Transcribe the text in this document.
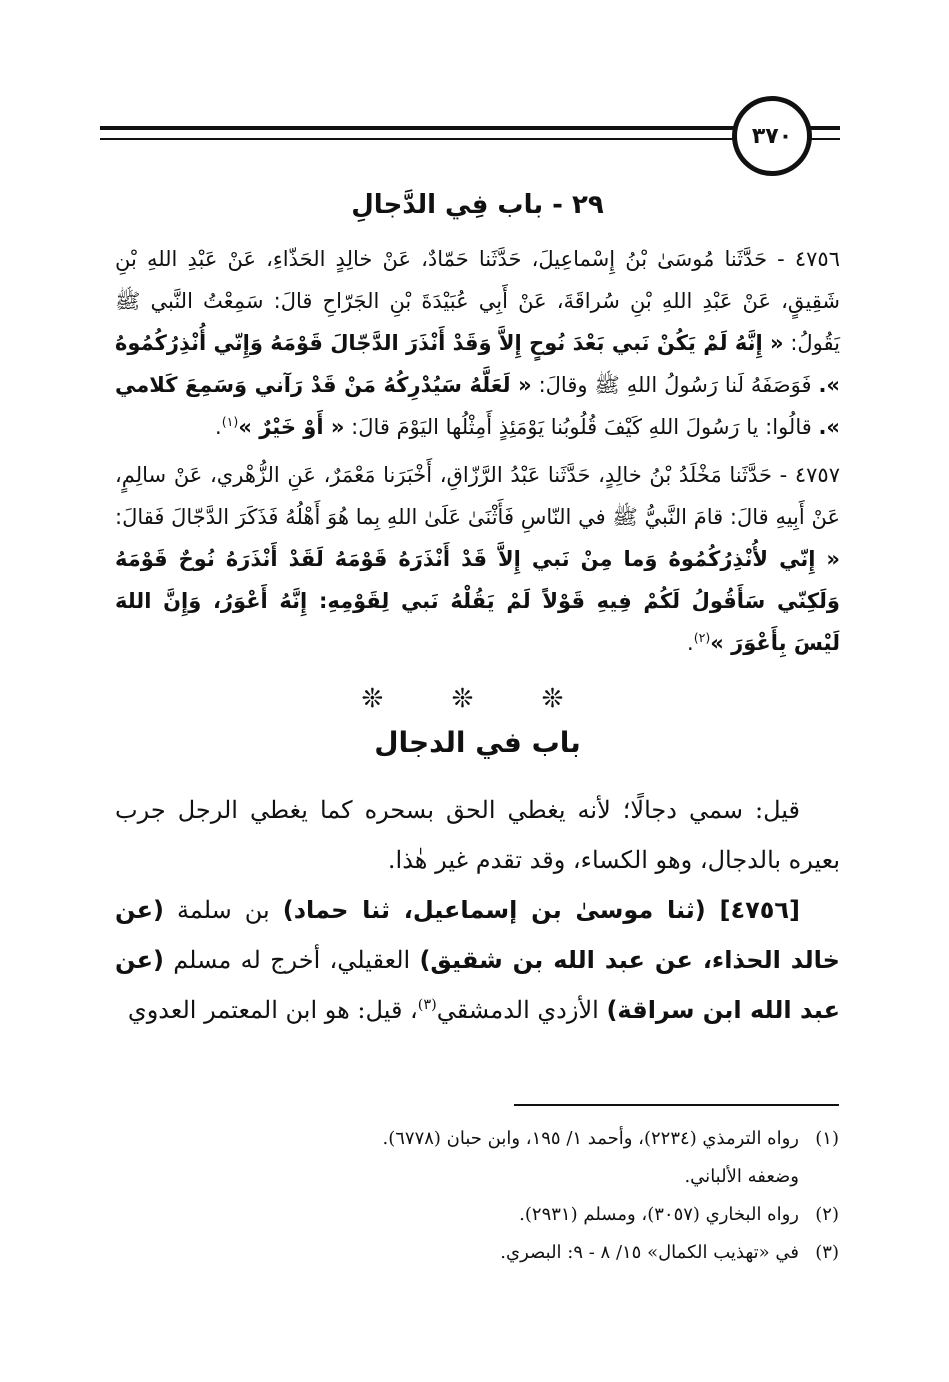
٣٧٠
٢٩ - باب فِي الدَّجالِ

٤٧٥٦ - حَدَّثَنا مُوسَىٰ بْنُ إِسْماعِيلَ، حَدَّثَنا حَمّادٌ، عَنْ خالِدٍ الحَذّاءِ، عَنْ عَبْدِ اللهِ بْنِ شَقِيقٍ، عَنْ عَبْدِ اللهِ بْنِ سُراقَةَ، عَنْ أَبِي عُبَيْدَةَ بْنِ الجَرّاحِ قالَ: سَمِعْتُ النَّبي ﷺ يَقُولُ: « إِنَّهُ لَمْ يَكُنْ نَبي بَعْدَ نُوحٍ إِلاَّ وَقَدْ أَنْذَرَ الدَّجّالَ قَوْمَهُ وَإِنّي أُنْذِرُكُمُوهُ ». فَوَصَفَهُ لَنا رَسُولُ اللهِ ﷺ وقالَ: « لَعَلَّهُ سَيُدْرِكُهُ مَنْ قَدْ رَآني وَسَمِعَ كَلامي ». قالُوا: يا رَسُولَ اللهِ كَيْفَ قُلُوبُنا يَوْمَئِذٍ أَمِثْلُها اليَوْمَ قالَ: « أَوْ خَيْرٌ »$^{(١)}$.

٤٧٥٧ - حَدَّثَنا مَخْلَدُ بْنُ خالِدٍ، حَدَّثَنا عَبْدُ الرَّزّاقِ، أَخْبَرَنا مَعْمَرٌ، عَنِ الزُّهْري، عَنْ سالِمٍ، عَنْ أَبِيهِ قالَ: قامَ النَّبيُّ ﷺ في النّاسِ فَأَثْنَىٰ عَلَىٰ اللهِ بِما هُوَ أَهْلُهُ فَذَكَرَ الدَّجّالَ فَقالَ: « إِنّي لأُنْذِرُكُمُوهُ وَما مِنْ نَبي إِلاَّ قَدْ أَنْذَرَهُ قَوْمَهُ لَقَدْ أَنْذَرَهُ نُوحٌ قَوْمَهُ وَلَكِنّي سَأَقُولُ لَكُمْ فِيهِ قَوْلاً لَمْ يَقُلْهُ نَبي لِقَوْمِهِ: إِنَّهُ أَعْوَرُ، وَإِنَّ اللهَ لَيْسَ بِأَعْوَرَ »$^{(٢)}$.

❊ ❊ ❊
باب في الدجال

قيل: سمي دجالًا؛ لأنه يغطي الحق بسحره كما يغطي الرجل جرب بعيره بالدجال، وهو الكساء، وقد تقدم غير هٰذا.

[٤٧٥٦] (ثنا موسىٰ بن إسماعيل، ثنا حماد) بن سلمة (عن خالد الحذاء، عن عبد الله بن شقيق) العقيلي، أخرج له مسلم (عن عبد الله ابن سراقة) الأزدي الدمشقي$^{(٣)}$، قيل: هو ابن المعتمر العدوي

(١)رواه الترمذي (٢٢٣٤)، وأحمد ١/ ١٩٥، وابن حبان (٦٧٧٨).

وضعفه الألباني.

(٢)رواه البخاري (٣٠٥٧)، ومسلم (٢٩٣١).

(٣)في «تهذيب الكمال» ١٥/ ٨ - ٩: البصري.
